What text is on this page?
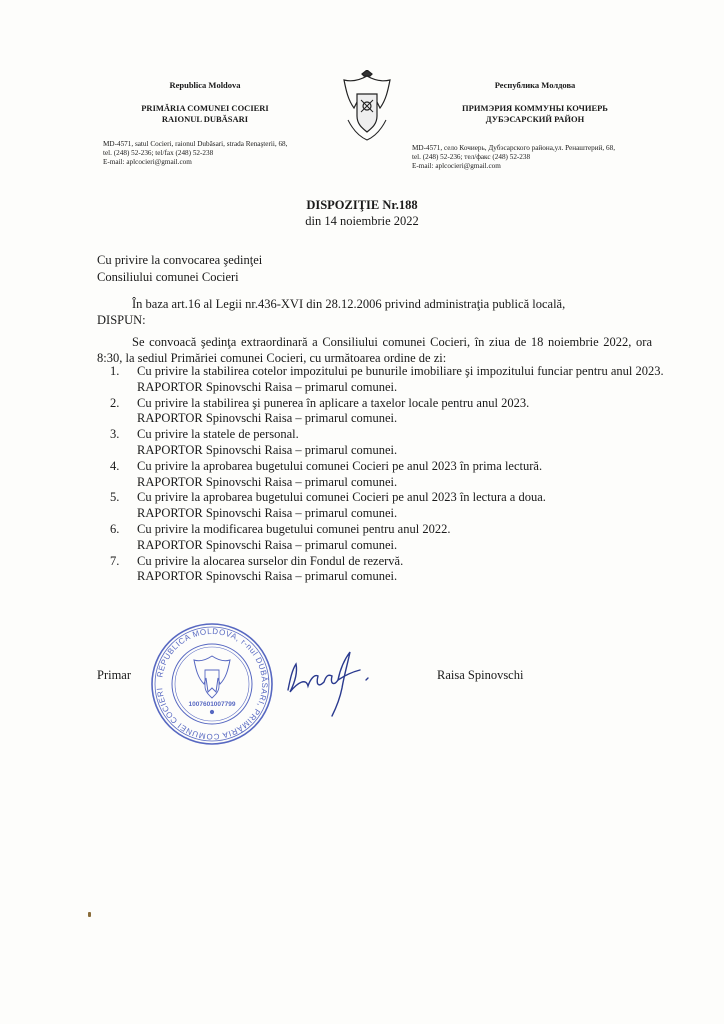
Republica Moldova
PRIMĂRIA COMUNEI COCIERI
RAIONUL DUBĂSARI
Республика Молдова
ПРИМЭРИЯ КОММУНЫ КОЧИЕРЬ
ДУБЭСАРСКИЙ РАЙОН
MD-4571, satul Cocieri, raionul Dubăsari, strada Renaşterii, 68,
tel. (248) 52-236; tel/fax (248) 52-238
E-mail: aplcocieri@gmail.com
MD-4571, село Кочиерь, Дубэсарского района,ул. Ренаштерий, 68,
tel. (248) 52-236; тел/факс (248) 52-238
E-mail: aplcocieri@gmail.com
DISPOZIŢIE Nr.188
din 14 noiembrie 2022
Cu privire la convocarea şedinţei
Consiliului comunei Cocieri
În baza art.16 al Legii nr.436-XVI din 28.12.2006 privind administraţia publică locală,
DISPUN:
Se convoacă şedinţa extraordinară a Consiliului comunei Cocieri, în ziua de 18 noiembrie 2022, ora 8:30, la sediul Primăriei comunei Cocieri, cu următoarea ordine de zi:
1.	Cu privire la stabilirea cotelor impozitului pe bunurile imobiliare şi impozitului funciar pentru anul 2023.
RAPORTOR Spinovschi Raisa – primarul comunei.
2.	Cu privire la stabilirea şi punerea în aplicare a taxelor locale pentru anul 2023.
RAPORTOR Spinovschi Raisa – primarul comunei.
3.	Cu privire la statele de personal.
RAPORTOR Spinovschi Raisa – primarul comunei.
4.	Cu privire la aprobarea bugetului comunei Cocieri pe anul 2023 în prima lectură.
RAPORTOR Spinovschi Raisa – primarul comunei.
5.	Cu privire la aprobarea bugetului comunei Cocieri pe anul 2023 în lectura a doua.
RAPORTOR Spinovschi Raisa – primarul comunei.
6.	Cu privire la modificarea bugetului comunei pentru anul 2022.
RAPORTOR Spinovschi Raisa – primarul comunei.
7.	Cu privire la alocarea surselor din Fondul de rezervă.
RAPORTOR Spinovschi Raisa – primarul comunei.
REPUBLICA MOLDOVA, r-nul DUBĂSARI, PRIMĂRIA COMUNEI COCIERI
1007601007799
Primar	Raisa Spinovschi
